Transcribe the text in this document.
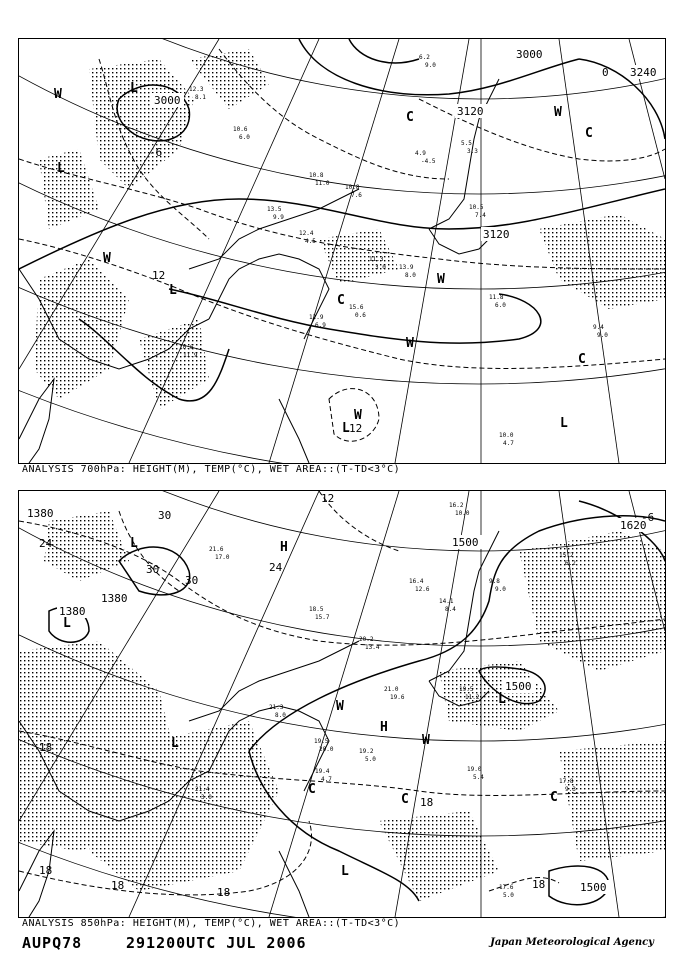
12.3
8.1
10.6
6.0
10.8
11.0
10.8
7.6
13.5
9.9
12.4
4.5
11.3
3.0 13.9
8.0
4.9
-4.5
5.5
3.3
10.5
7.4
11.8
6.0
9.4
9.0
10.0
4.7
10.6
11.9
15.6
0.6
12.9
6.9
6.2
9.0
3000
L
W
L
W
12
L
C
W
W
C
C
C
W
L 12	L
W
3000
0 3240
3120
3120
-6
ANALYSIS 700hPa: HEIGHT(M), TEMP(°C), WET AREA::(T-TD<3°C)
21.6
17.0
18.5
15.7
20.2
13.4
16.4
12.6
14.1
8.4
9.8
9.0
19.5
11.2
21.0
19.6
21.3
8.0
19.5
20.0	19.2
5.0
19.4
4.7
19.0
5.4
17.8
9.3
21.4
3.0
17.6
5.0
16.2
10.0
15.2
6.2
1380
24
30
L
30
30
1380
1380
L
24
H
12
1500
1500
L
L
18
W
W
H
C
C 18	C
18
18
L
18
18	1500
1620
-6
ANALYSIS 850hPa: HEIGHT(M), TEMP(°C), WET AREA::(T-TD<3°C)
AUPQ78	291200UTC JUL 2006	Japan Meteorological Agency
